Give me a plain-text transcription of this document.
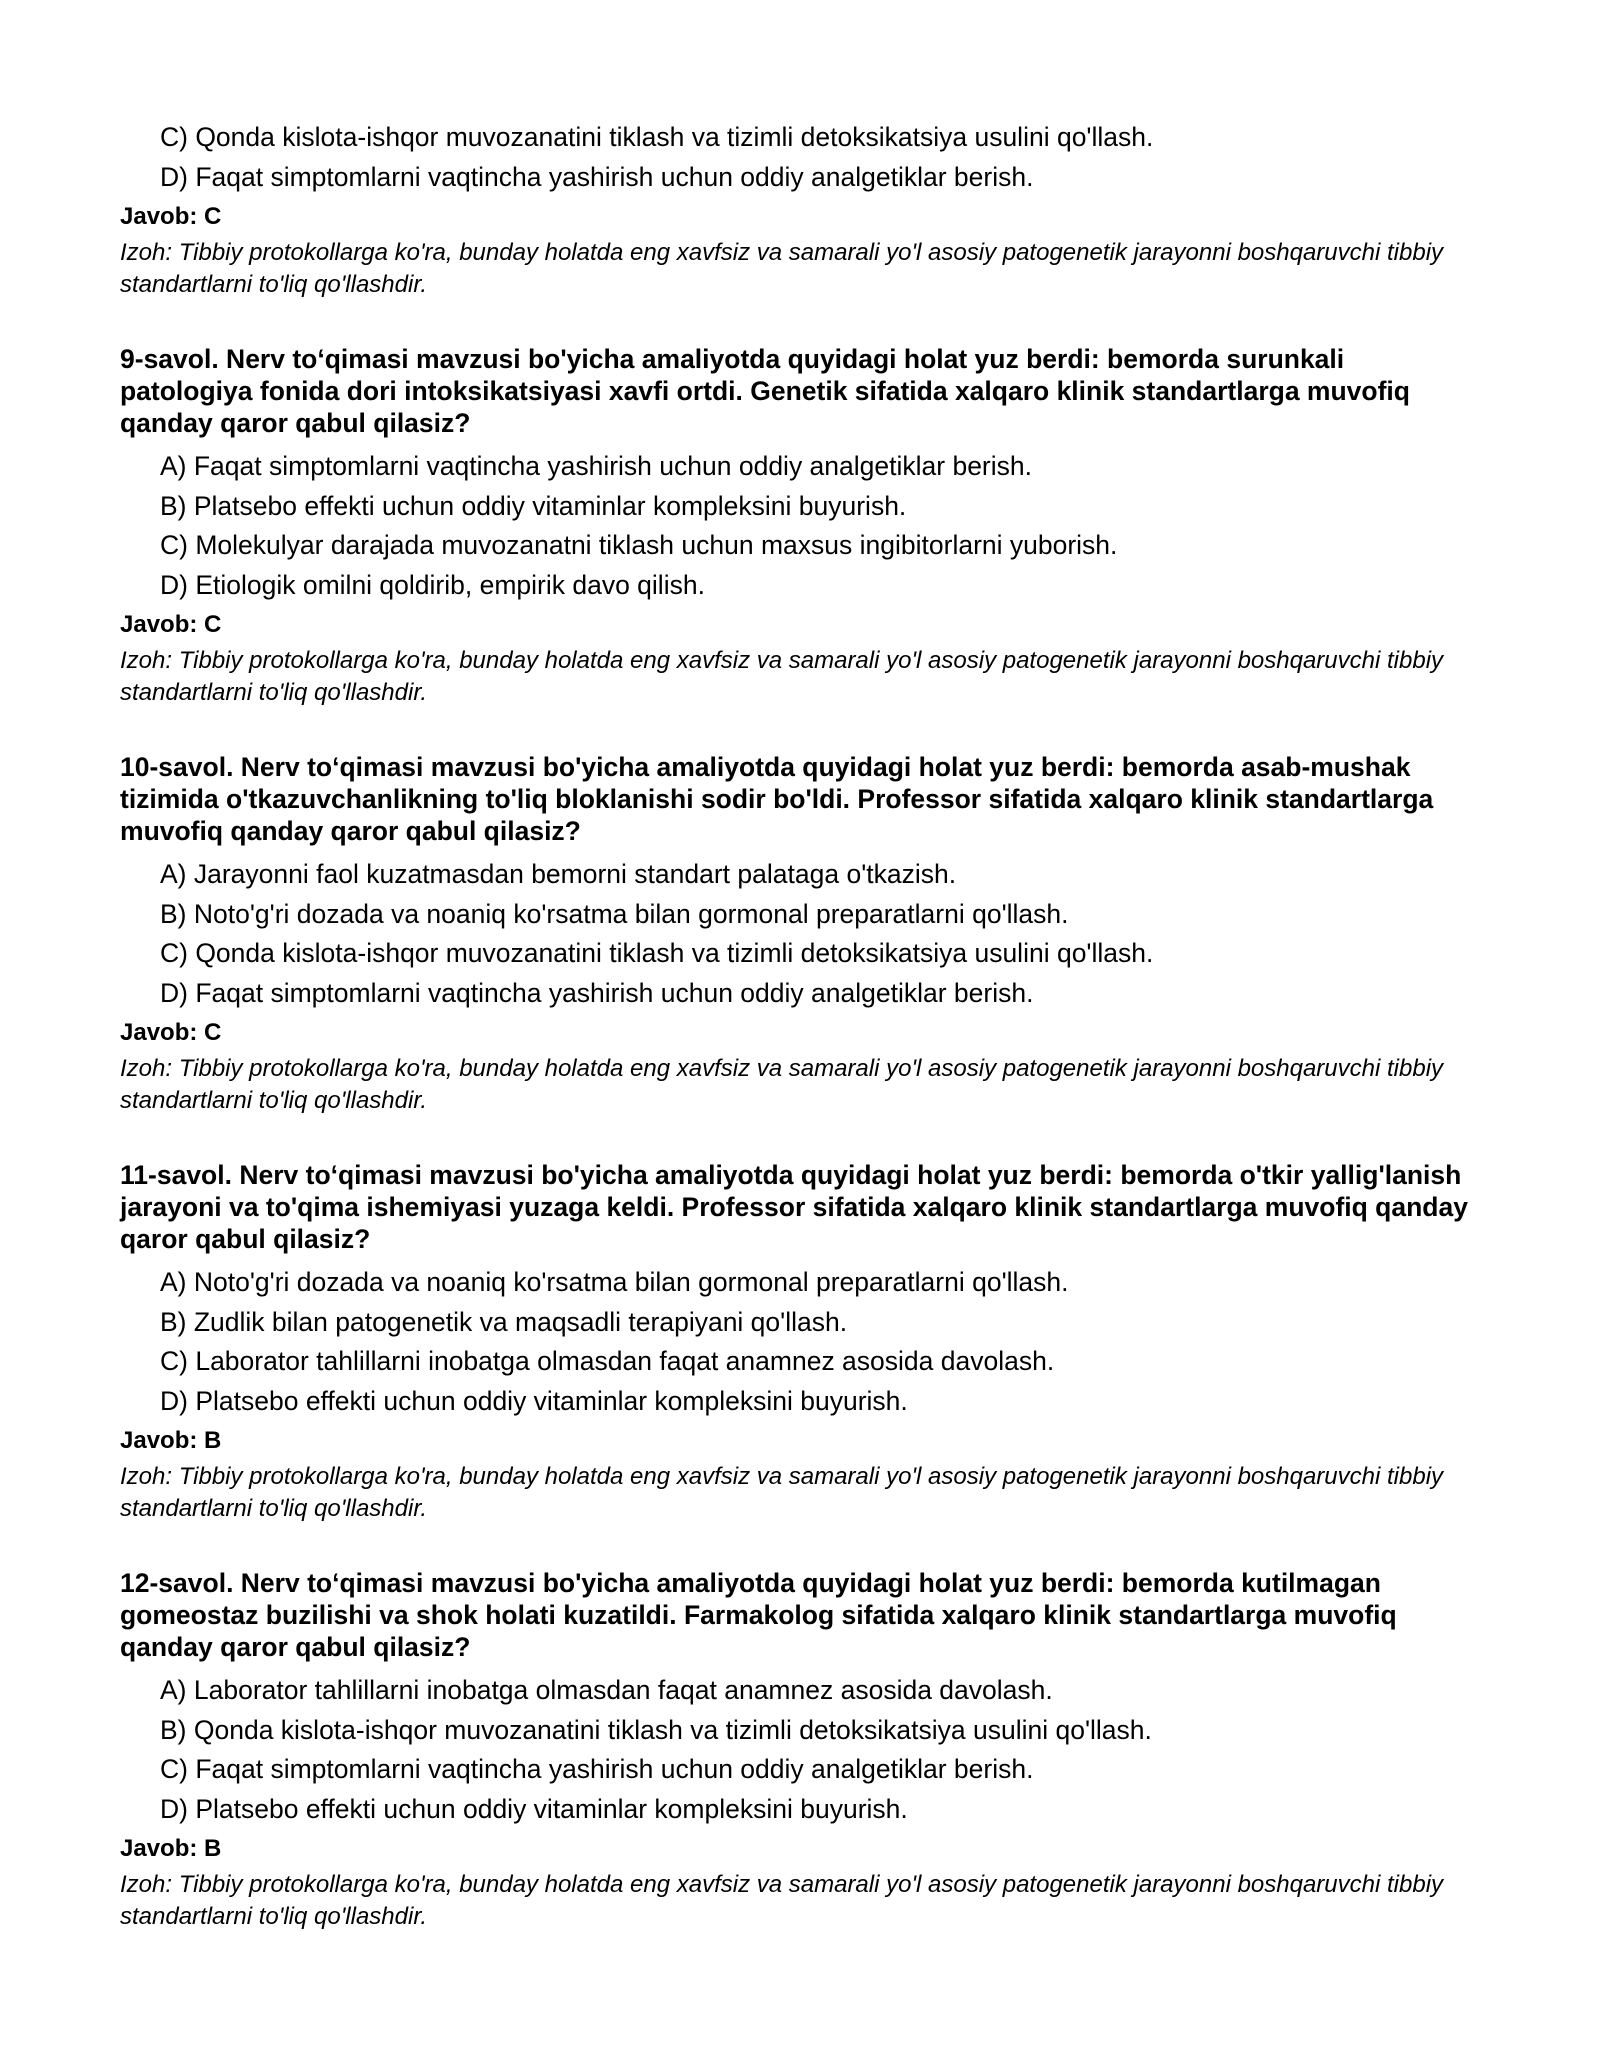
C) Qonda kislota-ishqor muvozanatini tiklash va tizimli detoksikatsiya usulini qo'llash.
D) Faqat simptomlarni vaqtincha yashirish uchun oddiy analgetiklar berish.
Javob: C
Izoh: Tibbiy protokollarga ko'ra, bunday holatda eng xavfsiz va samarali yo'l asosiy patogenetik jarayonni boshqaruvchi tibbiy standartlarni to'liq qo'llashdir.
9-savol. Nerv to‘qimasi mavzusi bo'yicha amaliyotda quyidagi holat yuz berdi: bemorda surunkali patologiya fonida dori intoksikatsiyasi xavfi ortdi. Genetik sifatida xalqaro klinik standartlarga muvofiq qanday qaror qabul qilasiz?
A) Faqat simptomlarni vaqtincha yashirish uchun oddiy analgetiklar berish.
B) Platsebo effekti uchun oddiy vitaminlar kompleksini buyurish.
C) Molekulyar darajada muvozanatni tiklash uchun maxsus ingibitorlarni yuborish.
D) Etiologik omilni qoldirib, empirik davo qilish.
Javob: C
Izoh: Tibbiy protokollarga ko'ra, bunday holatda eng xavfsiz va samarali yo'l asosiy patogenetik jarayonni boshqaruvchi tibbiy standartlarni to'liq qo'llashdir.
10-savol. Nerv to‘qimasi mavzusi bo'yicha amaliyotda quyidagi holat yuz berdi: bemorda asab-mushak tizimida o'tkazuvchanlikning to'liq bloklanishi sodir bo'ldi. Professor sifatida xalqaro klinik standartlarga muvofiq qanday qaror qabul qilasiz?
A) Jarayonni faol kuzatmasdan bemorni standart palataga o'tkazish.
B) Noto'g'ri dozada va noaniq ko'rsatma bilan gormonal preparatlarni qo'llash.
C) Qonda kislota-ishqor muvozanatini tiklash va tizimli detoksikatsiya usulini qo'llash.
D) Faqat simptomlarni vaqtincha yashirish uchun oddiy analgetiklar berish.
Javob: C
Izoh: Tibbiy protokollarga ko'ra, bunday holatda eng xavfsiz va samarali yo'l asosiy patogenetik jarayonni boshqaruvchi tibbiy standartlarni to'liq qo'llashdir.
11-savol. Nerv to‘qimasi mavzusi bo'yicha amaliyotda quyidagi holat yuz berdi: bemorda o'tkir yallig'lanish jarayoni va to'qima ishemiyasi yuzaga keldi. Professor sifatida xalqaro klinik standartlarga muvofiq qanday qaror qabul qilasiz?
A) Noto'g'ri dozada va noaniq ko'rsatma bilan gormonal preparatlarni qo'llash.
B) Zudlik bilan patogenetik va maqsadli terapiyani qo'llash.
C) Laborator tahlillarni inobatga olmasdan faqat anamnez asosida davolash.
D) Platsebo effekti uchun oddiy vitaminlar kompleksini buyurish.
Javob: B
Izoh: Tibbiy protokollarga ko'ra, bunday holatda eng xavfsiz va samarali yo'l asosiy patogenetik jarayonni boshqaruvchi tibbiy standartlarni to'liq qo'llashdir.
12-savol. Nerv to‘qimasi mavzusi bo'yicha amaliyotda quyidagi holat yuz berdi: bemorda kutilmagan gomeostaz buzilishi va shok holati kuzatildi. Farmakolog sifatida xalqaro klinik standartlarga muvofiq qanday qaror qabul qilasiz?
A) Laborator tahlillarni inobatga olmasdan faqat anamnez asosida davolash.
B) Qonda kislota-ishqor muvozanatini tiklash va tizimli detoksikatsiya usulini qo'llash.
C) Faqat simptomlarni vaqtincha yashirish uchun oddiy analgetiklar berish.
D) Platsebo effekti uchun oddiy vitaminlar kompleksini buyurish.
Javob: B
Izoh: Tibbiy protokollarga ko'ra, bunday holatda eng xavfsiz va samarali yo'l asosiy patogenetik jarayonni boshqaruvchi tibbiy standartlarni to'liq qo'llashdir.
